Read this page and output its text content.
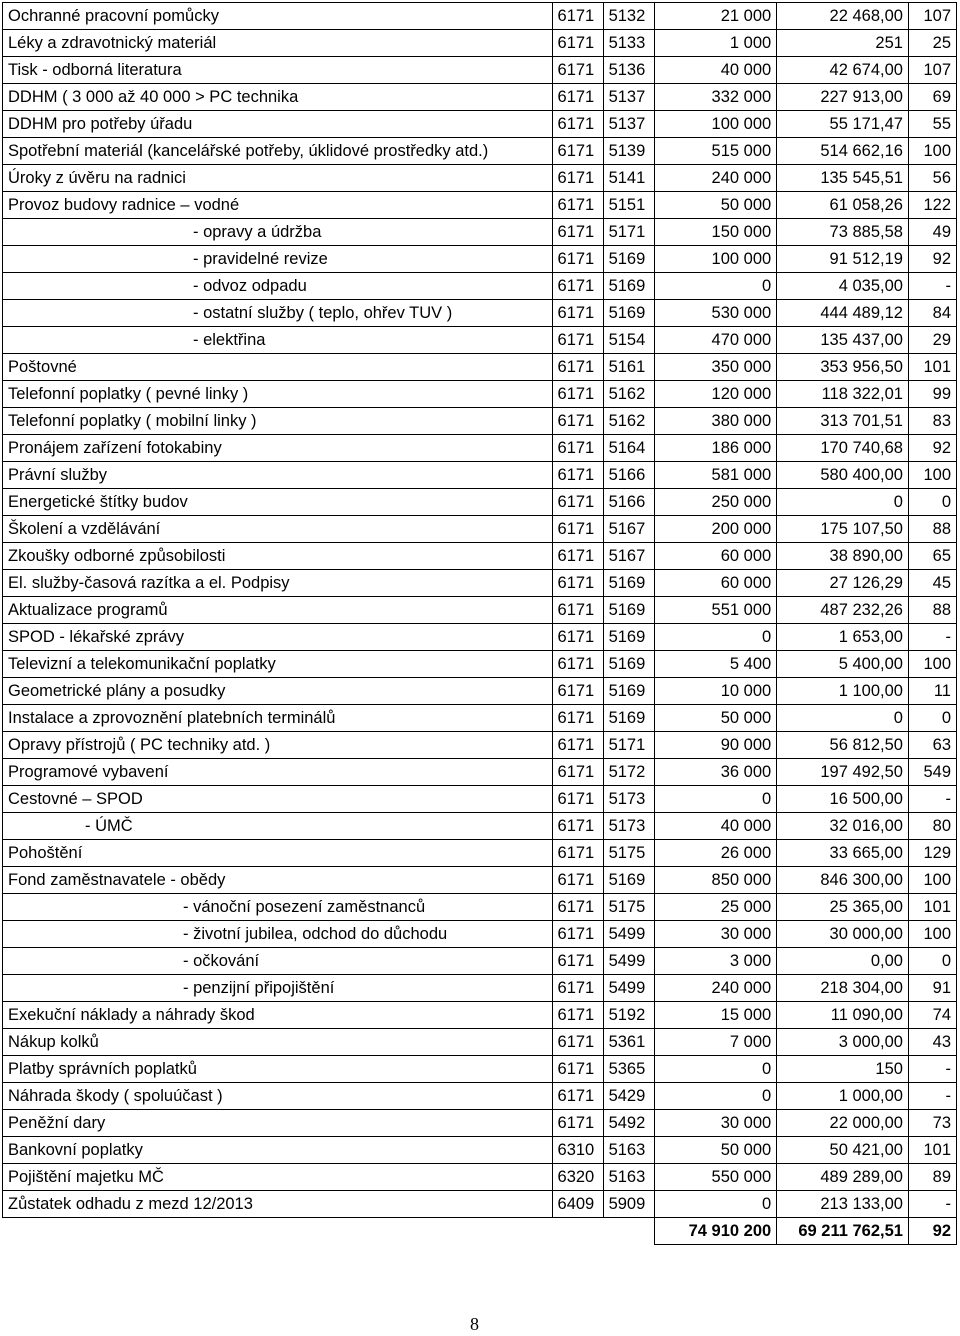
Ochranné pracovní pomůcky	6171	5132	21 000	22 468,00	107
Léky a zdravotnický materiál	6171	5133	1 000	251	25
Tisk - odborná literatura	6171	5136	40 000	42 674,00	107
DDHM ( 3 000 až 40 000 > PC technika	6171	5137	332 000	227 913,00	69
DDHM pro potřeby úřadu	6171	5137	100 000	55 171,47	55
Spotřební materiál (kancelářské potřeby, úklidové prostředky atd.)	6171	5139	515 000	514 662,16	100
Úroky z úvěru na radnici	6171	5141	240 000	135 545,51	56
Provoz budovy radnice – vodné	6171	5151	50 000	61 058,26	122
- opravy a údržba	6171	5171	150 000	73 885,58	49
- pravidelné revize	6171	5169	100 000	91 512,19	92
- odvoz odpadu	6171	5169	0	4 035,00	-
- ostatní služby ( teplo, ohřev TUV )	6171	5169	530 000	444 489,12	84
- elektřina	6171	5154	470 000	135 437,00	29
Poštovné	6171	5161	350 000	353 956,50	101
Telefonní poplatky ( pevné linky )	6171	5162	120 000	118 322,01	99
Telefonní poplatky ( mobilní linky )	6171	5162	380 000	313 701,51	83
Pronájem zařízení fotokabiny	6171	5164	186 000	170 740,68	92
Právní služby	6171	5166	581 000	580 400,00	100
Energetické štítky budov	6171	5166	250 000	0	0
Školení a vzdělávání	6171	5167	200 000	175 107,50	88
Zkoušky odborné způsobilosti	6171	5167	60 000	38 890,00	65
El. služby-časová razítka a el. Podpisy	6171	5169	60 000	27 126,29	45
Aktualizace programů	6171	5169	551 000	487 232,26	88
SPOD - lékařské zprávy	6171	5169	0	1 653,00	-
Televizní a telekomunikační poplatky	6171	5169	5 400	5 400,00	100
Geometrické plány a posudky	6171	5169	10 000	1 100,00	11
Instalace a zprovoznění platebních terminálů	6171	5169	50 000	0	0
Opravy přístrojů ( PC techniky atd. )	6171	5171	90 000	56 812,50	63
Programové vybavení	6171	5172	36 000	197 492,50	549
Cestovné – SPOD	6171	5173	0	16 500,00	-
- ÚMČ	6171	5173	40 000	32 016,00	80
Pohoštění	6171	5175	26 000	33 665,00	129
Fond zaměstnavatele - obědy	6171	5169	850 000	846 300,00	100
- vánoční posezení zaměstnanců	6171	5175	25 000	25 365,00	101
- životní jubilea, odchod do důchodu	6171	5499	30 000	30 000,00	100
- očkování	6171	5499	3 000	0,00	0
- penzijní připojištění	6171	5499	240 000	218 304,00	91
Exekuční náklady a náhrady škod	6171	5192	15 000	11 090,00	74
Nákup kolků	6171	5361	7 000	3 000,00	43
Platby správních poplatků	6171	5365	0	150	-
Náhrada škody ( spoluúčast )	6171	5429	0	1 000,00	-
Peněžní dary	6171	5492	30 000	22 000,00	73
Bankovní poplatky	6310	5163	50 000	50 421,00	101
Pojištění majetku MČ	6320	5163	550 000	489 289,00	89
Zůstatek odhadu z mezd 12/2013	6409	5909	0	213 133,00	-
			74 910 200	69 211 762,51	92
8
